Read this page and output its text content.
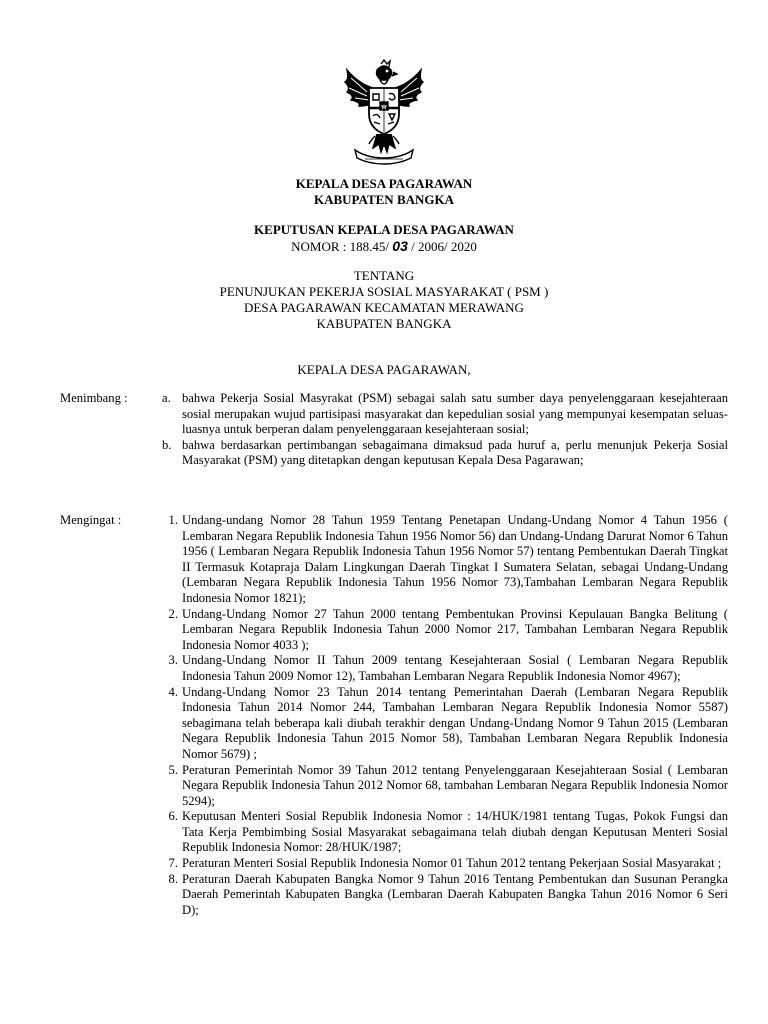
KEPALA DESA PAGARAWAN
KABUPATEN BANGKA
KEPUTUSAN KEPALA DESA PAGARAWAN
NOMOR : 188.45/ 03 / 2006/ 2020
TENTANG
PENUNJUKAN PEKERJA SOSIAL MASYARAKAT ( PSM )
DESA PAGARAWAN KECAMATAN MERAWANG
KABUPATEN BANGKA
KEPALA DESA PAGARAWAN,
Menimbang :	a. bahwa Pekerja Sosial Masyrakat (PSM) sebagai salah satu sumber daya penyelenggaraan kesejahteraan sosial merupakan wujud partisipasi masyarakat dan kepedulian sosial yang mempunyai kesempatan seluas-luasnya untuk berperan dalam penyelenggaraan kesejahteraan sosial;
b. bahwa berdasarkan pertimbangan sebagaimana dimaksud pada huruf a, perlu menunjuk Pekerja Sosial Masyarakat (PSM) yang ditetapkan dengan keputusan Kepala Desa Pagarawan;
Mengingat :	1. Undang-undang Nomor 28 Tahun 1959 Tentang Penetapan Undang-Undang Nomor 4 Tahun 1956 ( Lembaran Negara Republik Indonesia Tahun 1956 Nomor 56) dan Undang-Undang Darurat Nomor 6 Tahun 1956 ( Lembaran Negara Republik Indonesia Tahun 1956 Nomor 57) tentang Pembentukan Daerah Tingkat II Termasuk Kotapraja Dalam Lingkungan Daerah Tingkat I Sumatera Selatan, sebagai Undang-Undang (Lembaran Negara Republik Indonesia Tahun 1956 Nomor 73),Tambahan Lembaran Negara Republik Indonesia Nomor 1821);
2. Undang-Undang Nomor 27 Tahun 2000 tentang Pembentukan Provinsi Kepulauan Bangka Belitung ( Lembaran Negara Republik Indonesia Tahun 2000 Nomor 217, Tambahan Lembaran Negara Republik Indonesia Nomor 4033 );
3. Undang-Undang Nomor II Tahun 2009 tentang Kesejahteraan Sosial ( Lembaran Negara Republik Indonesia Tahun 2009 Nomor 12), Tambahan Lembaran Negara Republik Indonesia Nomor 4967);
4. Undang-Undang Nomor 23 Tahun 2014 tentang Pemerintahan Daerah (Lembaran Negara Republik Indonesia Tahun 2014 Nomor 244, Tambahan Lembaran Negara Republik Indonesia Nomor 5587) sebagimana telah beberapa kali diubah terakhir dengan Undang-Undang Nomor 9 Tahun 2015 (Lembaran Negara Republik Indonesia Tahun 2015 Nomor 58), Tambahan Lembaran Negara Republik Indonesia Nomor 5679) ;
5. Peraturan Pemerintah Nomor 39 Tahun 2012 tentang Penyelenggaraan Kesejahteraan Sosial ( Lembaran Negara Republik Indonesia Tahun 2012 Nomor 68, tambahan Lembaran Negara Republik Indonesia Nomor 5294);
6. Keputusan Menteri Sosial Republik Indonesia Nomor : 14/HUK/1981 tentang Tugas, Pokok Fungsi dan Tata Kerja Pembimbing Sosial Masyarakat sebagaimana telah diubah dengan Keputusan Menteri Sosial Republik Indonesia Nomor: 28/HUK/1987;
7. Peraturan Menteri Sosial Republik Indonesia Nomor 01 Tahun 2012 tentang Pekerjaan Sosial Masyarakat ;
8. Peraturan Daerah Kabupaten Bangka Nomor 9 Tahun 2016 Tentang Pembentukan dan Susunan Perangka Daerah Pemerintah Kabupaten Bangka (Lembaran Daerah Kabupaten Bangka Tahun 2016 Nomor 6 Seri D);
